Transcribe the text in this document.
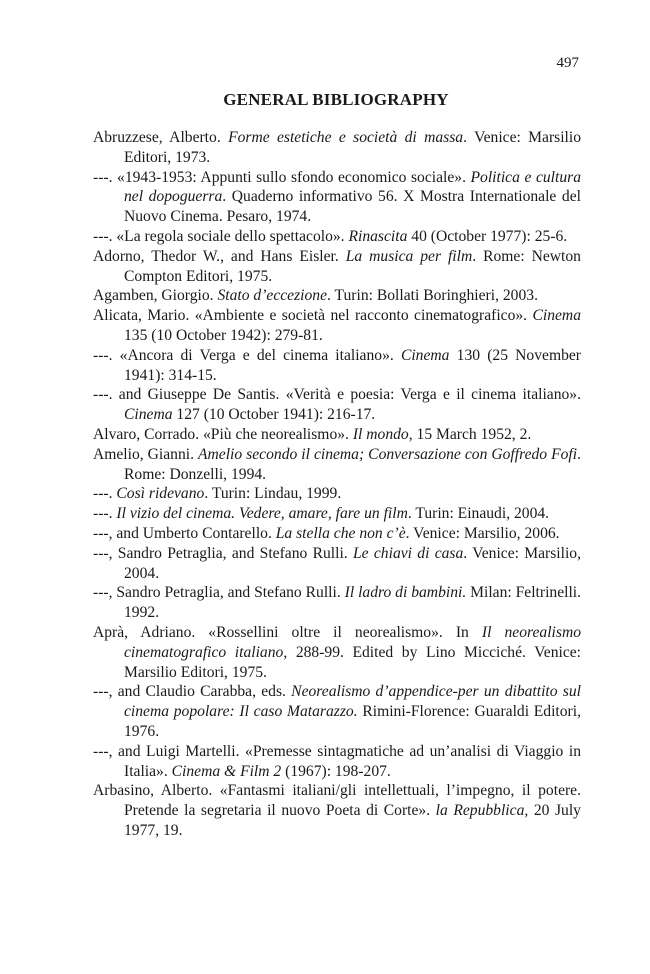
497
GENERAL BIBLIOGRAPHY
Abruzzese, Alberto. Forme estetiche e società di massa. Venice: Marsilio Editori, 1973.
---. «1943-1953: Appunti sullo sfondo economico sociale». Politica e cultura nel dopoguerra. Quaderno informativo 56. X Mostra Internationale del Nuovo Cinema. Pesaro, 1974.
---. «La regola sociale dello spettacolo». Rinascita 40 (October 1977): 25-6.
Adorno, Thedor W., and Hans Eisler. La musica per film. Rome: Newton Compton Editori, 1975.
Agamben, Giorgio. Stato d’eccezione. Turin: Bollati Boringhieri, 2003.
Alicata, Mario. «Ambiente e società nel racconto cinematografico». Cinema 135 (10 October 1942): 279-81.
---. «Ancora di Verga e del cinema italiano». Cinema 130 (25 November 1941): 314-15.
---. and Giuseppe De Santis. «Verità e poesia: Verga e il cinema italiano». Cinema 127 (10 October 1941): 216-17.
Alvaro, Corrado. «Più che neorealismo». Il mondo, 15 March 1952, 2.
Amelio, Gianni. Amelio secondo il cinema; Conversazione con Goffredo Fofi. Rome: Donzelli, 1994.
---. Così ridevano. Turin: Lindau, 1999.
---. Il vizio del cinema. Vedere, amare, fare un film. Turin: Einaudi, 2004.
---, and Umberto Contarello. La stella che non c’è. Venice: Marsilio, 2006.
---, Sandro Petraglia, and Stefano Rulli. Le chiavi di casa. Venice: Marsilio, 2004.
---, Sandro Petraglia, and Stefano Rulli. Il ladro di bambini. Milan: Feltrinelli. 1992.
Aprà, Adriano. «Rossellini oltre il neorealismo». In Il neorealismo cinematografico italiano, 288-99. Edited by Lino Micciché. Venice: Marsilio Editori, 1975.
---, and Claudio Carabba, eds. Neorealismo d’appendice-per un dibattito sul cinema popolare: Il caso Matarazzo. Rimini-Florence: Guaraldi Editori, 1976.
---, and Luigi Martelli. «Premesse sintagmatiche ad un’analisi di Viaggio in Italia». Cinema & Film 2 (1967): 198-207.
Arbasino, Alberto. «Fantasmi italiani/gli intellettuali, l’impegno, il potere. Pretende la segretaria il nuovo Poeta di Corte». la Repubblica, 20 July 1977, 19.
